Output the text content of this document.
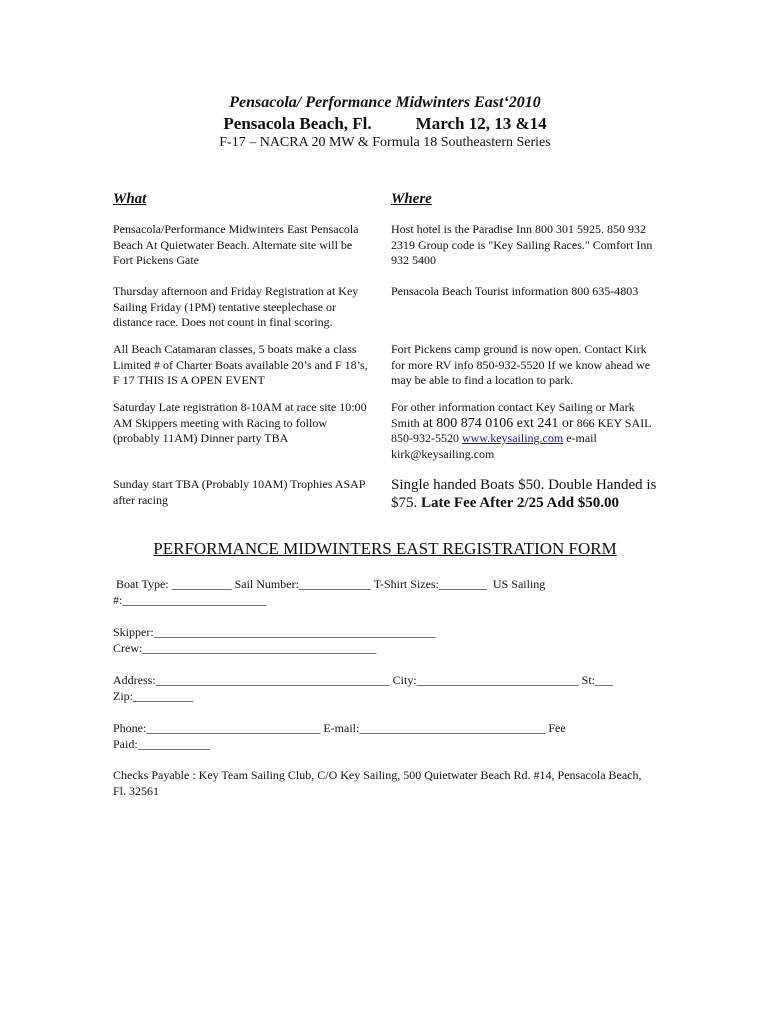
Pensacola/ Performance Midwinters East‘2010
Pensacola Beach, Fl.	March 12, 13 &14
F-17 – NACRA 20 MW & Formula 18 Southeastern Series
What	Where
Pensacola/Performance Midwinters East Pensacola Beach At Quietwater Beach. Alternate site will be Fort Pickens Gate
Host hotel is the Paradise Inn 800 301 5925. 850 932 2319 Group code is "Key Sailing Races." Comfort Inn 932 5400
Thursday afternoon and Friday Registration at Key Sailing Friday (1PM) tentative steeplechase or distance race. Does not count in final scoring.
Pensacola Beach Tourist information 800 635-4803
All Beach Catamaran classes, 5 boats make a class Limited # of Charter Boats available 20’s and F 18’s, F 17 THIS IS A OPEN EVENT
Fort Pickens camp ground is now open. Contact Kirk for more RV info 850-932-5520 If we know ahead we may be able to find a location to park.
Saturday Late registration 8-10AM at race site 10:00 AM Skippers meeting with Racing to follow (probably 11AM) Dinner party TBA
For other information contact Key Sailing or Mark Smith at 800 874 0106 ext 241 or 866 KEY SAIL 850-932-5520 www.keysailing.com e-mail kirk@keysailing.com
Sunday start TBA (Probably 10AM) Trophies ASAP after racing
Single handed Boats $50. Double Handed is $75. Late Fee After 2/25 Add $50.00
PERFORMANCE MIDWINTERS EAST REGISTRATION FORM
Boat Type: __________ Sail Number:____________ T-Shirt Sizes:________  US Sailing
#:________________________
Skipper:_______________________________________________
Crew:_______________________________________
Address:_______________________________________ City:___________________________ St:___
Zip:__________
Phone:_____________________________ E-mail:_______________________________ Fee
Paid:____________
Checks Payable : Key Team Sailing Club, C/O Key Sailing, 500 Quietwater Beach Rd. #14, Pensacola Beach, Fl. 32561
